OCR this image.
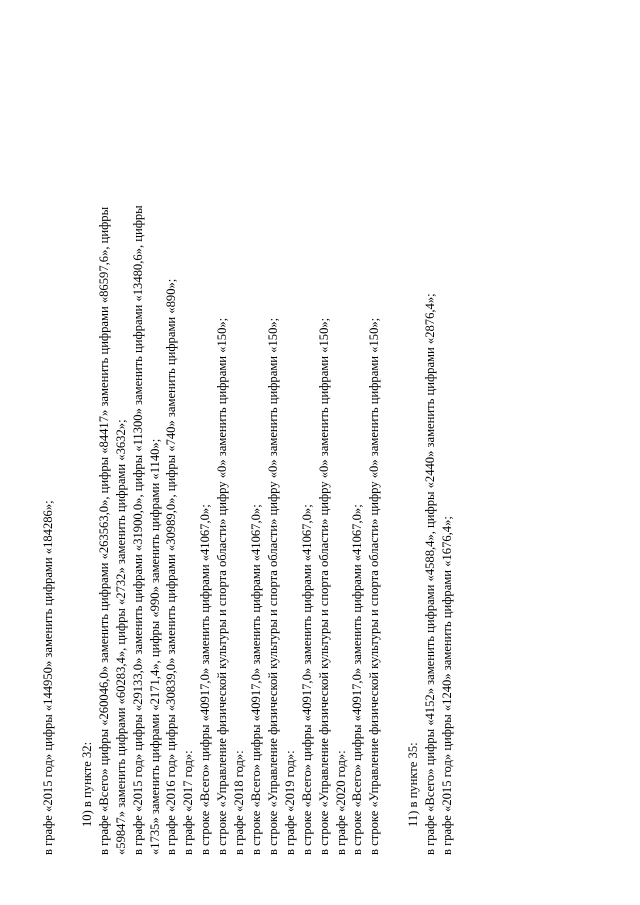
в графе «2015 год» цифры «144950» заменить цифрами «184286»; 10) в пункте 32: в графе «Всего» цифры «260046,0» заменить цифрами «263563,0», цифры «84417» заменить цифрами «86597,6», цифры «59847» заменить цифрами «60283,4», цифры «2732» заменить цифрами «3632»; в графе «2015 год» цифры «29133,0» заменить цифрами «31900,0», цифры «11300» заменить цифрами «13480,6», цифры «1735» заменить цифрами «2171,4», цифры «990» заменить цифрами «1140»; в графе «2016 год» цифры «30839,0» заменить цифрами «30989,0», цифры «740» заменить цифрами «890»; в графе «2017 год»: в строке «Всего» цифры «40917,0» заменить цифрами «41067,0»; в строке «Управление физической культуры и спорта области» цифру «0» заменить цифрами «150»; в графе «2018 год»: в строке «Всего» цифры «40917,0» заменить цифрами «41067,0»; в строке «Управление физической культуры и спорта области» цифру «0» заменить цифрами «150»; в графе «2019 год»: в строке «Всего» цифры «40917,0» заменить цифрами «41067,0»; в строке «Управление физической культуры и спорта области» цифру «0» заменить цифрами «150»; в графе «2020 год»: в строке «Всего» цифры «40917,0» заменить цифрами «41067,0»; в строке «Управление физической культуры и спорта области» цифру «0» заменить цифрами «150»; 11) в пункте 35: в графе «Всего» цифры «4152» заменить цифрами «4588,4», цифры «2440» заменить цифрами «2876,4»; в графе «2015 год» цифры «1240» заменить цифрами «1676,4»;
